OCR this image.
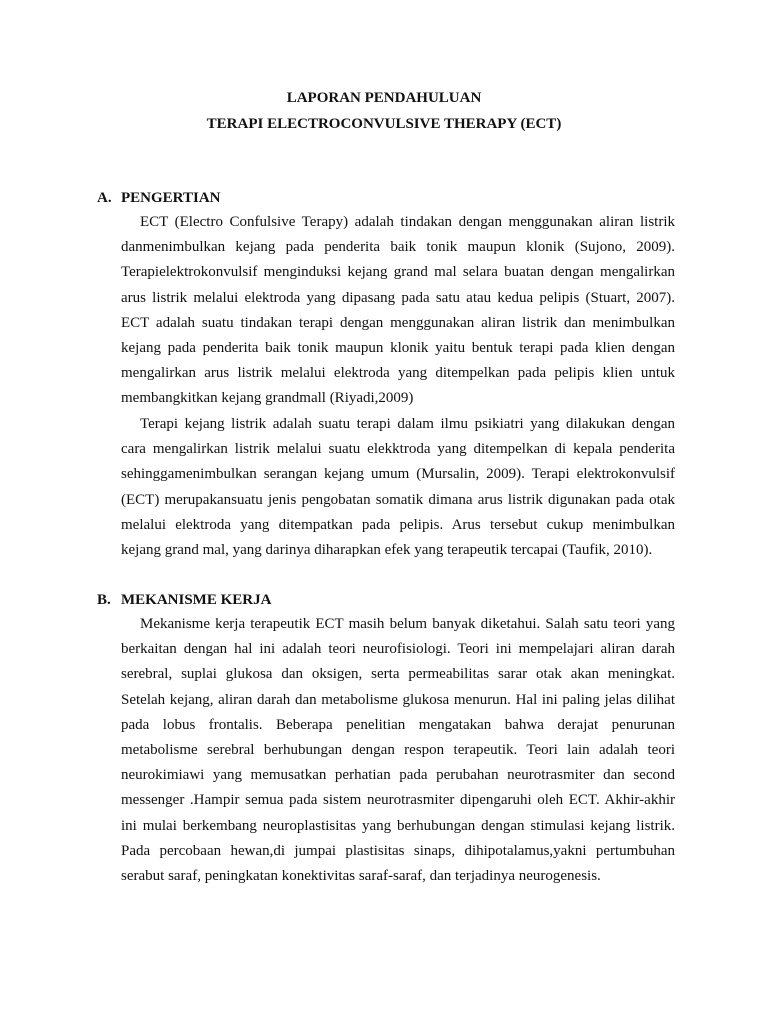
LAPORAN PENDAHULUAN
TERAPI ELECTROCONVULSIVE THERAPY (ECT)
A. PENGERTIAN
ECT (Electro Confulsive Terapy) adalah tindakan dengan menggunakan aliran listrik
danmenimbulkan kejang pada penderita baik tonik maupun klonik (Sujono, 2009).
Terapielektrokonvulsif menginduksi kejang grand mal selara buatan dengan mengalirkan
arus listrik melalui elektroda yang dipasang pada satu atau kedua pelipis (Stuart, 2007).
ECT adalah suatu tindakan terapi dengan menggunakan aliran listrik dan menimbulkan
kejang pada penderita baik tonik maupun klonik yaitu bentuk terapi pada klien dengan
mengalirkan arus listrik melalui elektroda yang ditempelkan pada pelipis klien untuk
membangkitkan kejang grandmall (Riyadi,2009)
Terapi kejang listrik adalah suatu terapi dalam ilmu psikiatri yang dilakukan dengan
cara mengalirkan listrik melalui suatu elekktroda yang ditempelkan di kepala penderita
sehinggamenimbulkan serangan kejang umum (Mursalin, 2009). Terapi elektrokonvulsif
(ECT) merupakansuatu jenis pengobatan somatik dimana arus listrik digunakan pada otak
melalui elektroda yang ditempatkan pada pelipis. Arus tersebut cukup menimbulkan
kejang grand mal, yang darinya diharapkan efek yang terapeutik tercapai (Taufik, 2010).
B. MEKANISME KERJA
Mekanisme kerja terapeutik ECT masih belum banyak diketahui. Salah satu teori yang
berkaitan dengan hal ini adalah teori neurofisiologi. Teori ini mempelajari aliran darah
serebral, suplai glukosa dan oksigen, serta permeabilitas sarar otak akan meningkat.
Setelah kejang, aliran darah dan metabolisme glukosa menurun. Hal ini paling jelas dilihat
pada lobus frontalis. Beberapa penelitian mengatakan bahwa derajat penurunan
metabolisme serebral berhubungan dengan respon terapeutik. Teori lain adalah teori
neurokimiawi yang memusatkan perhatian pada perubahan neurotrasmiter dan second
messenger .Hampir semua pada sistem neurotrasmiter dipengaruhi oleh ECT. Akhir-akhir
ini mulai berkembang neuroplastisitas yang berhubungan dengan stimulasi kejang listrik.
Pada percobaan hewan,di jumpai plastisitas sinaps, dihipotalamus,yakni pertumbuhan
serabut saraf, peningkatan konektivitas saraf-saraf, dan terjadinya neurogenesis.
